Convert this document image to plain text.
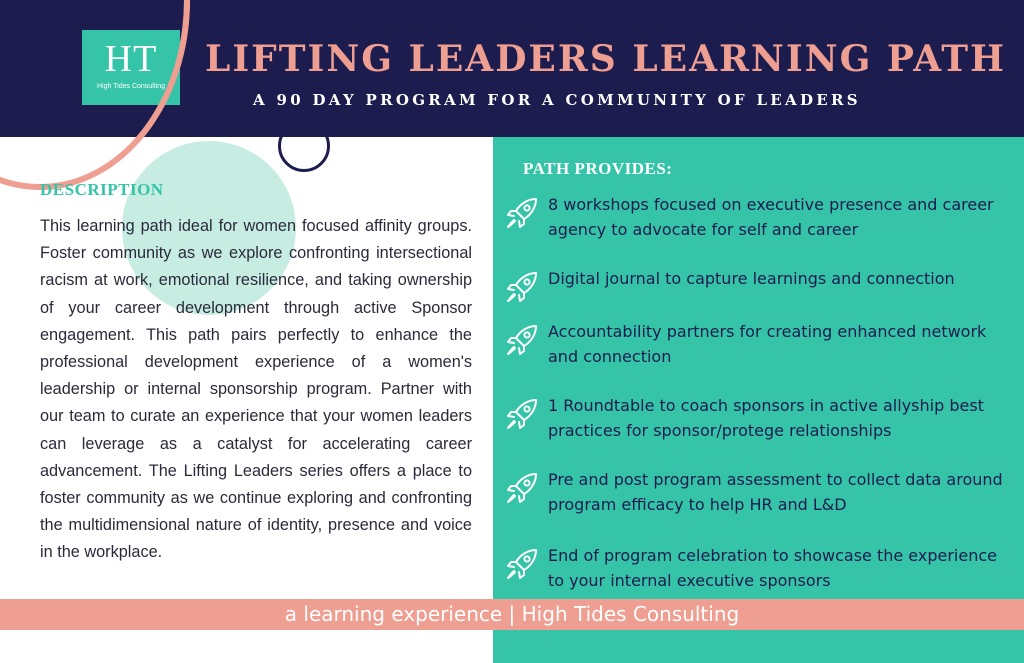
HT
High Tides Consulting
LIFTING LEADERS LEARNING PATH
A 90 DAY PROGRAM FOR A COMMUNITY OF LEADERS
DESCRIPTION

This learning path ideal for women focused affinity groups. Foster community as we explore confronting intersectional racism at work, emotional resilience, and taking ownership of your career development through active Sponsor engagement. This path pairs perfectly to enhance the professional development experience of a women's leadership or internal sponsorship program. Partner with our team to curate an experience that your women leaders can leverage as a catalyst for accelerating career advancement. The Lifting Leaders series offers a place to foster community as we continue exploring and confronting the multidimensional nature of identity, presence and voice in the workplace.

PATH PROVIDES:
8 workshops focused on executive presence and career agency to advocate for self and career
Digital journal to capture learnings and connection
Accountability partners for creating enhanced network and connection
1 Roundtable to coach sponsors in active allyship best practices for sponsor/protege relationships
Pre and post program assessment to collect data around program efficacy to help HR and L&D
End of program celebration to showcase the experience to your internal executive sponsors
a learning experience | High Tides Consulting
